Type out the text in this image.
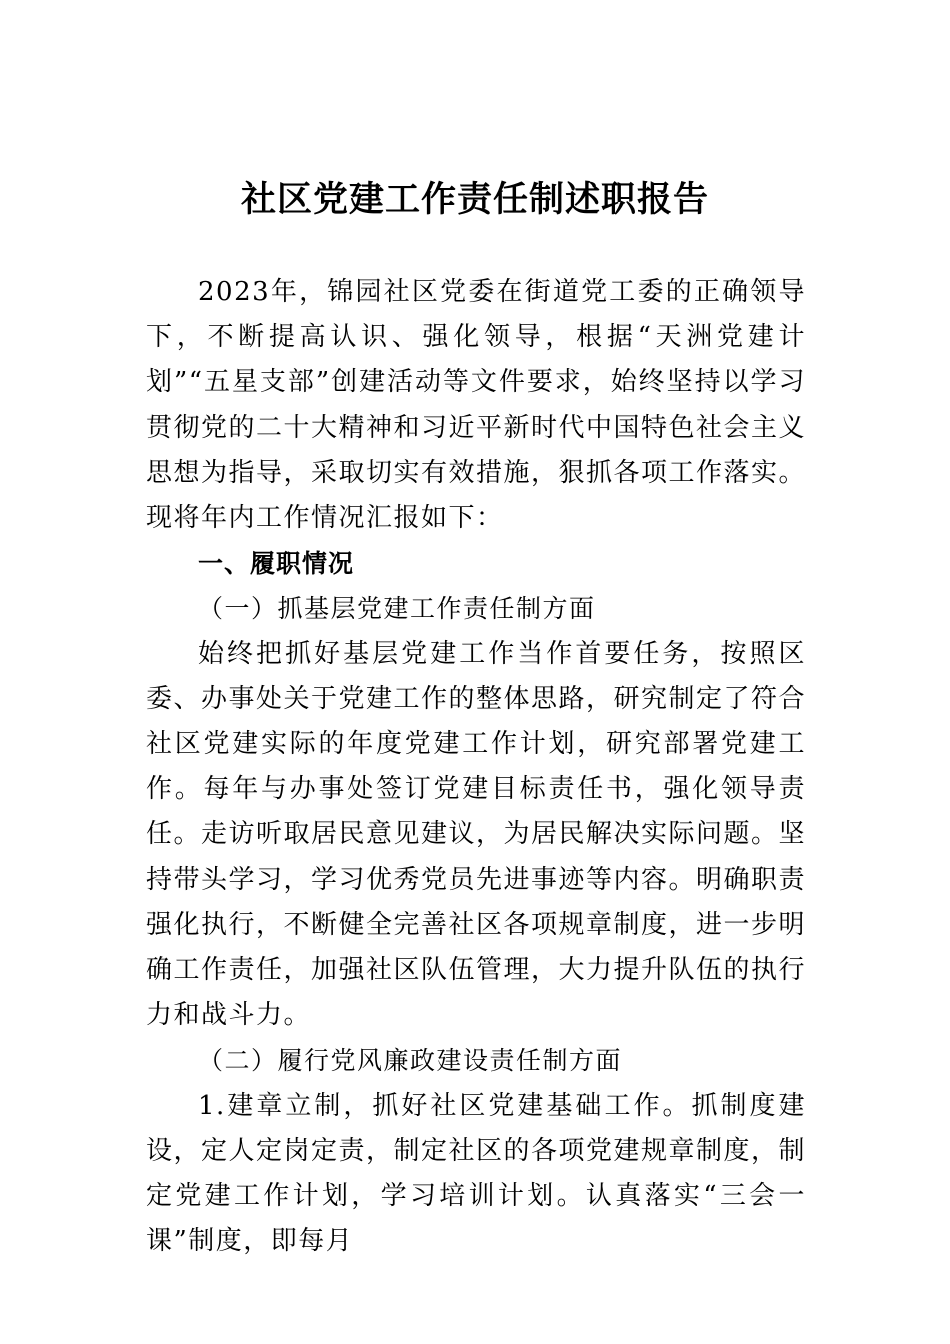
社区党建工作责任制述职报告

2023年，锦园社区党委在街道党工委的正确领导下，不断提高认识、强化领导，根据“天洲党建计划”“五星支部”创建活动等文件要求，始终坚持以学习贯彻党的二十大精神和习近平新时代中国特色社会主义思想为指导，采取切实有效措施，狠抓各项工作落实。现将年内工作情况汇报如下：

一、履职情况

（一）抓基层党建工作责任制方面

始终把抓好基层党建工作当作首要任务，按照区委、办事处关于党建工作的整体思路，研究制定了符合社区党建实际的年度党建工作计划，研究部署党建工作。每年与办事处签订党建目标责任书，强化领导责任。走访听取居民意见建议，为居民解决实际问题。坚持带头学习，学习优秀党员先进事迹等内容。明确职责强化执行，不断健全完善社区各项规章制度，进一步明确工作责任，加强社区队伍管理，大力提升队伍的执行力和战斗力。

（二）履行党风廉政建设责任制方面

1.建章立制，抓好社区党建基础工作。抓制度建设，定人定岗定责，制定社区的各项党建规章制度，制定党建工作计划，学习培训计划。认真落实“三会一课”制度，即每月
